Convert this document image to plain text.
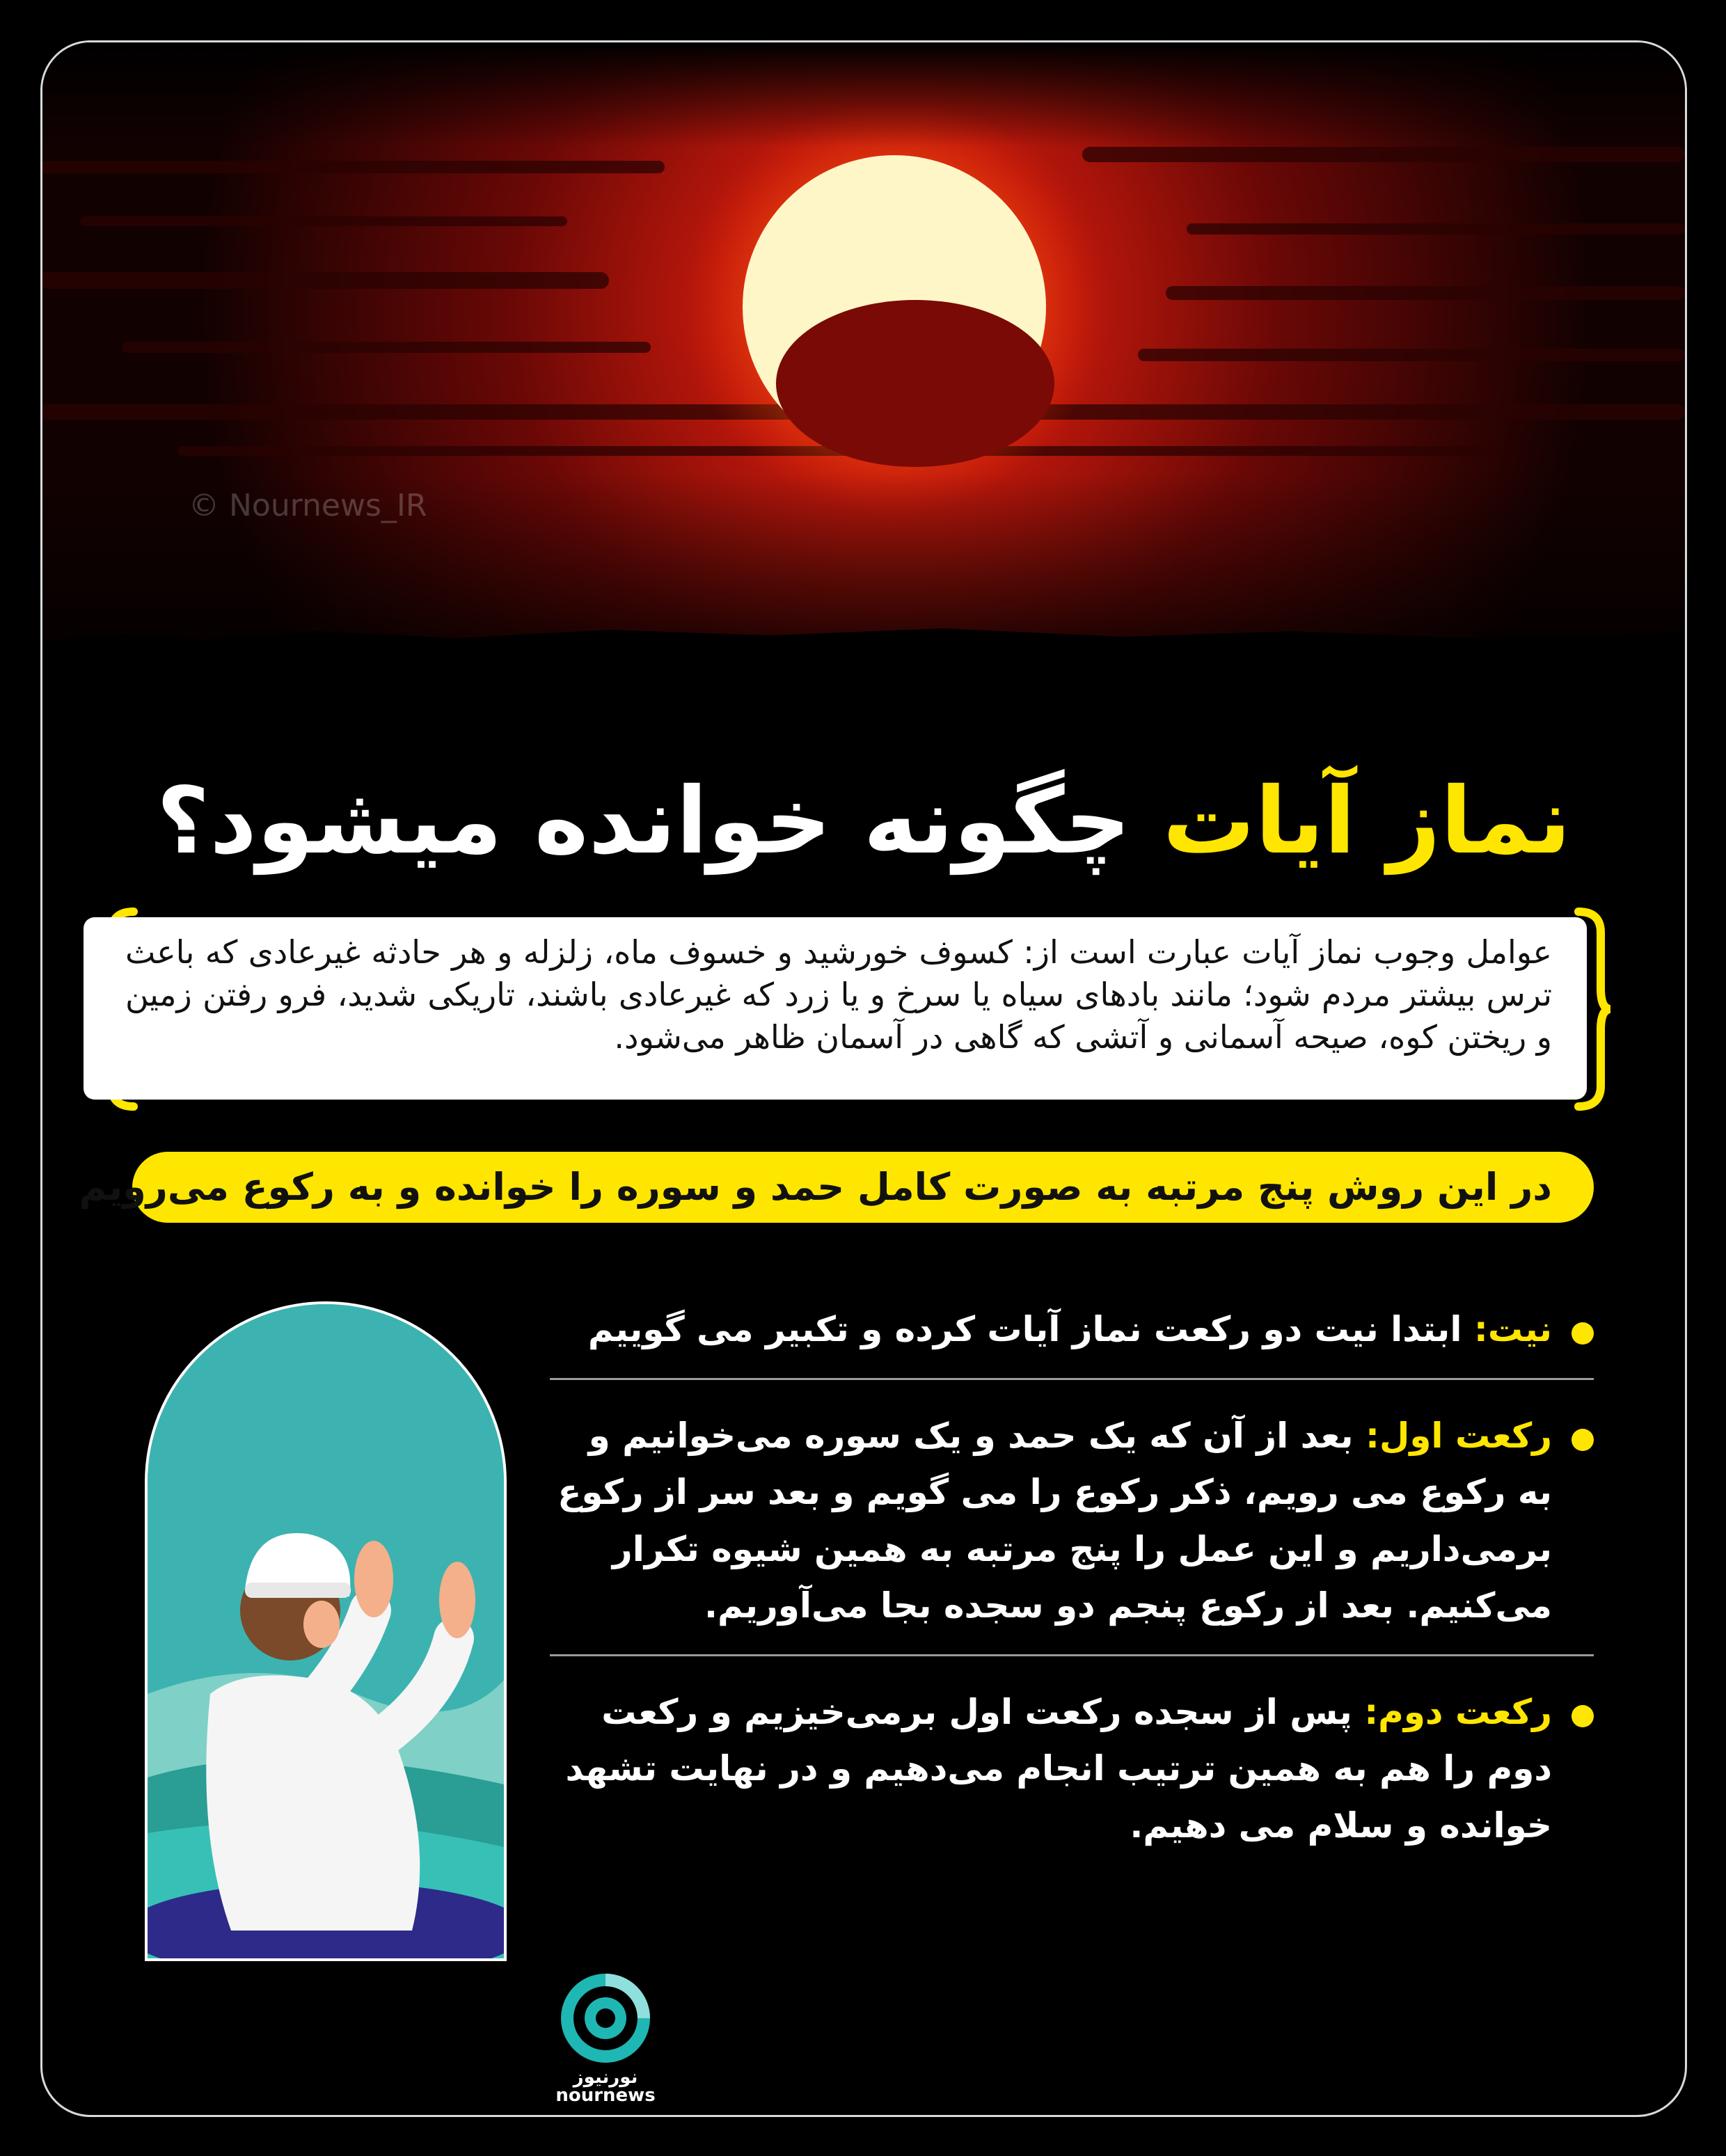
© Nournews_IR
نماز آیات چگونه خوانده میشود؟

عوامل وجوب نماز آیات عبارت است از: کسوف خورشید و خسوف ماه، زلزله و هر حادثه غیرعادی که باعث ترس بیشتر مردم شود؛ مانند بادهای سیاه یا سرخ و یا زرد که غیرعادی باشند، تاریکی شدید، فرو رفتن زمین و ریختن کوه، صیحه آسمانی و آتشی که گاهی در آسمان ظاهر می‌شود.

در این روش پنج مرتبه به صورت کامل حمد و سوره را خوانده و به رکوع می‌رویم
نیت: ابتدا نیت دو رکعت نماز آیات کرده و تکبیر می گوییم
رکعت اول: بعد از آن که یک حمد و یک سوره می‌خوانیم و به رکوع می رویم، ذکر رکوع را می گویم و بعد سر از رکوع برمی‌داریم و این عمل را پنج مرتبه به همین شیوه تکرار می‌کنیم. بعد از رکوع پنجم دو سجده بجا می‌آوریم.
رکعت دوم: پس از سجده رکعت اول برمی‌خیزیم و رکعت دوم را هم به همین ترتیب انجام می‌دهیم و در نهایت تشهد خوانده و سلام می دهیم.
نورنیوز
nournews
